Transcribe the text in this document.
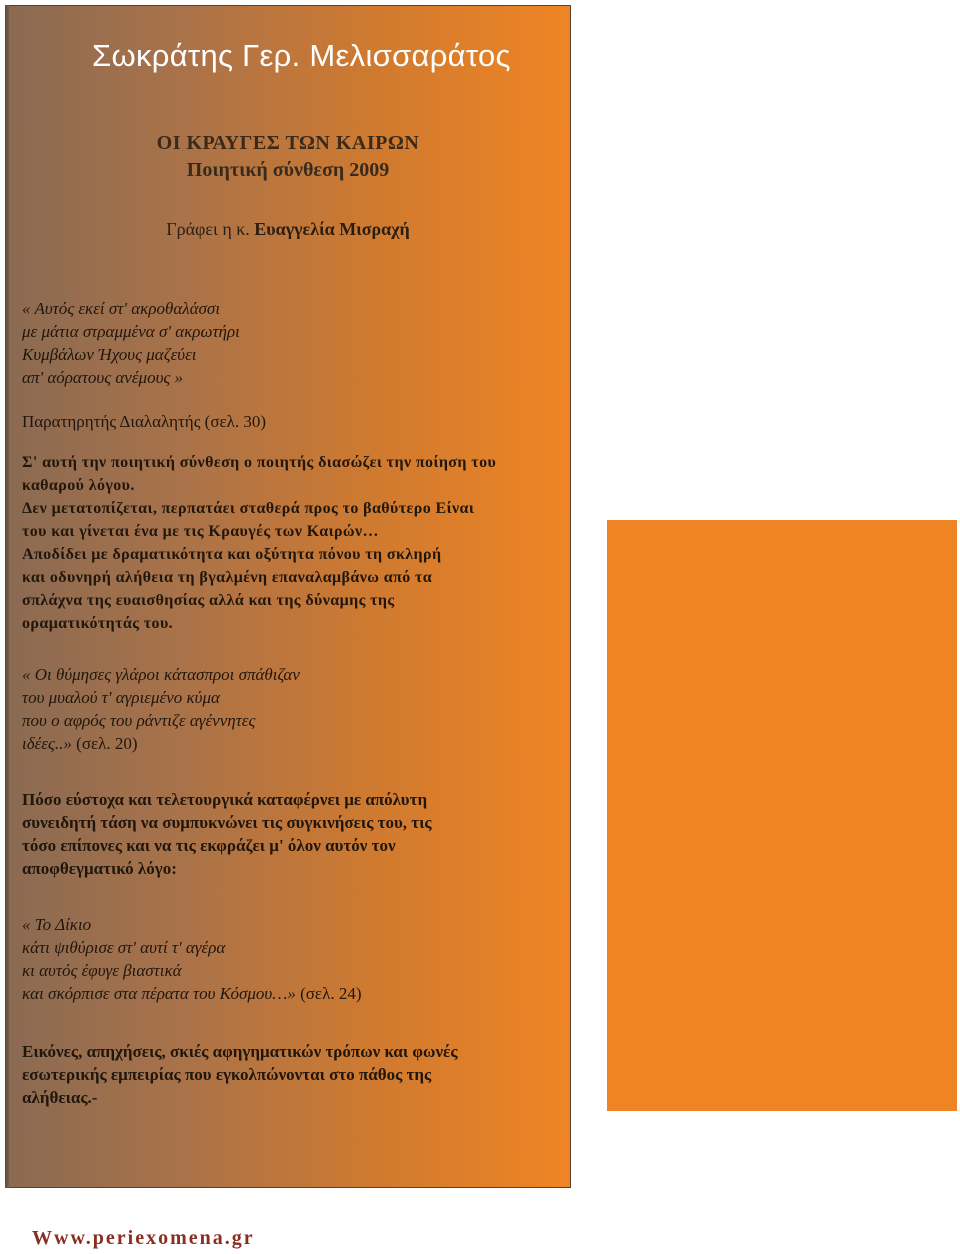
Σωκράτης Γερ. Μελισσαράτος
ΟΙ ΚΡΑΥΓΕΣ ΤΩΝ ΚΑΙΡΩΝ
Ποιητική σύνθεση 2009
Γράφει η κ. Ευαγγελία Μισραχή
« Αυτός εκεί στ' ακροθαλάσσι
με μάτια στραμμένα σ' ακρωτήρι
Κυμβάλων Ήχους μαζεύει
απ' αόρατους ανέμους »
Παρατηρητής Διαλαλητής (σελ. 30)
Σ' αυτή την ποιητική σύνθεση ο ποιητής διασώζει την ποίηση του
καθαρού λόγου.
Δεν μετατοπίζεται, περπατάει σταθερά προς το βαθύτερο Είναι
του και γίνεται ένα με τις Κραυγές των Καιρών…
Αποδίδει με δραματικότητα και οξύτητα πόνου τη σκληρή
και οδυνηρή αλήθεια τη βγαλμένη επαναλαμβάνω από τα
σπλάχνα της ευαισθησίας αλλά και της δύναμης της
οραματικότητάς του.
« Οι θύμησες γλάροι κάτασπροι σπάθιζαν
του μυαλού τ' αγριεμένο κύμα
που ο αφρός του ράντιζε αγέννητες
ιδέες..» (σελ. 20)
Πόσο εύστοχα και τελετουργικά καταφέρνει με απόλυτη
συνειδητή τάση να συμπυκνώνει τις συγκινήσεις του, τις
τόσο επίπονες και να τις εκφράζει μ' όλον αυτόν τον
αποφθεγματικό λόγο:
« Το Δίκιο
κάτι ψιθύρισε στ' αυτί τ' αγέρα
κι αυτός έφυγε βιαστικά
και σκόρπισε στα πέρατα του Κόσμου…» (σελ. 24)
Εικόνες, απηχήσεις, σκιές αφηγηματικών τρόπων και φωνές
εσωτερικής εμπειρίας που εγκολπώνονται στο πάθος της
αλήθειας.-
Www.periexomena.gr
